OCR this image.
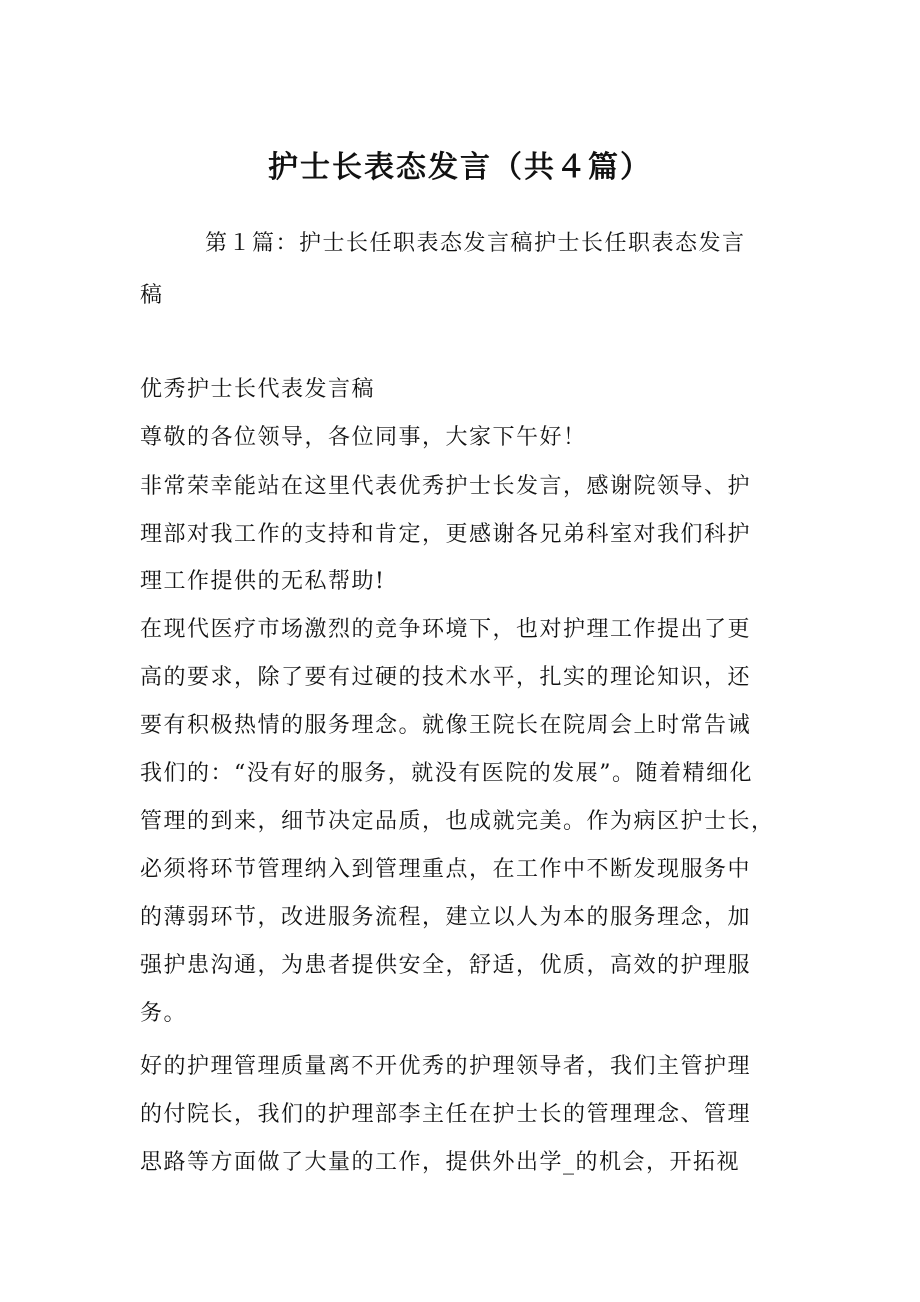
护士长表态发言（共４篇）

第１篇：护士长任职表态发言稿护士长任职表态发言

稿

优秀护士长代表发言稿

尊敬的各位领导，各位同事，大家下午好！

非常荣幸能站在这里代表优秀护士长发言，感谢院领导、护

理部对我工作的支持和肯定，更感谢各兄弟科室对我们科护

理工作提供的无私帮助!

在现代医疗市场激烈的竞争环境下，也对护理工作提出了更

高的要求，除了要有过硬的技术水平，扎实的理论知识，还

要有积极热情的服务理念。就像王院长在院周会上时常告诫

我们的：“没有好的服务，就没有医院的发展”。随着精细化

管理的到来，细节决定品质，也成就完美。作为病区护士长，

必须将环节管理纳入到管理重点，在工作中不断发现服务中

的薄弱环节，改进服务流程，建立以人为本的服务理念，加

强护患沟通，为患者提供安全，舒适，优质，高效的护理服

务。

好的护理管理质量离不开优秀的护理领导者，我们主管护理

的付院长，我们的护理部李主任在护士长的管理理念、管理

思路等方面做了大量的工作，提供外出学_的机会，开拓视
